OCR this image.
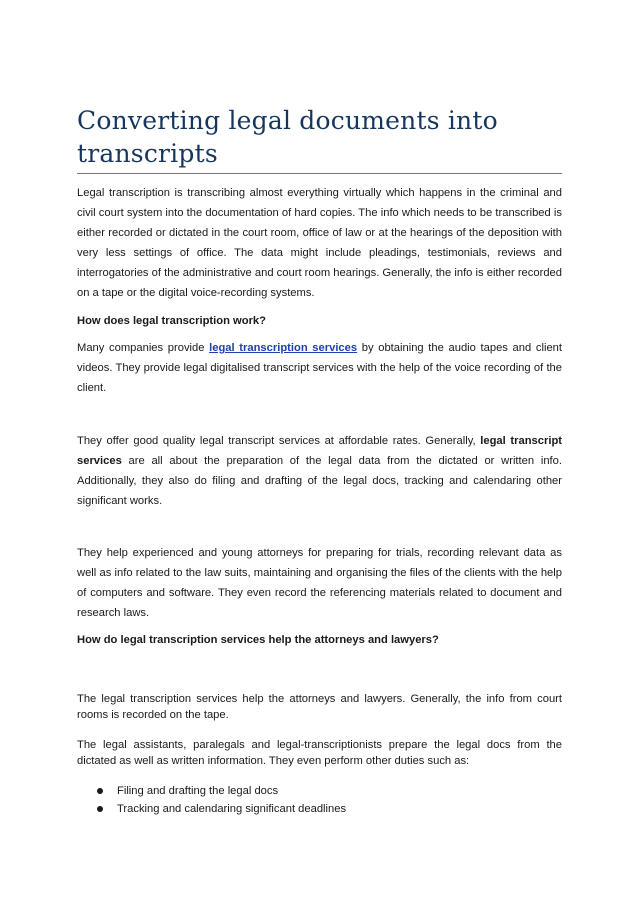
Converting legal documents into transcripts

Legal transcription is transcribing almost everything virtually which happens in the criminal and civil court system into the documentation of hard copies. The info which needs to be transcribed is either recorded or dictated in the court room, office of law or at the hearings of the deposition with very less settings of office. The data might include pleadings, testimonials, reviews and interrogatories of the administrative and court room hearings. Generally, the info is either recorded on a tape or the digital voice-recording systems.

How does legal transcription work?

Many companies provide legal transcription services by obtaining the audio tapes and client videos. They provide legal digitalised transcript services with the help of the voice recording of the client.

They offer good quality legal transcript services at affordable rates. Generally, legal transcript services are all about the preparation of the legal data from the dictated or written info. Additionally, they also do filing and drafting of the legal docs, tracking and calendaring other significant works.

They help experienced and young attorneys for preparing for trials, recording relevant data as well as info related to the law suits, maintaining and organising the files of the clients with the help of computers and software. They even record the referencing materials related to document and research laws.

How do legal transcription services help the attorneys and lawyers?

The legal transcription services help the attorneys and lawyers. Generally, the info from court rooms is recorded on the tape.

The legal assistants, paralegals and legal-transcriptionists prepare the legal docs from the dictated as well as written information. They even perform other duties such as:

Filing and drafting the legal docs
Tracking and calendaring significant deadlines
